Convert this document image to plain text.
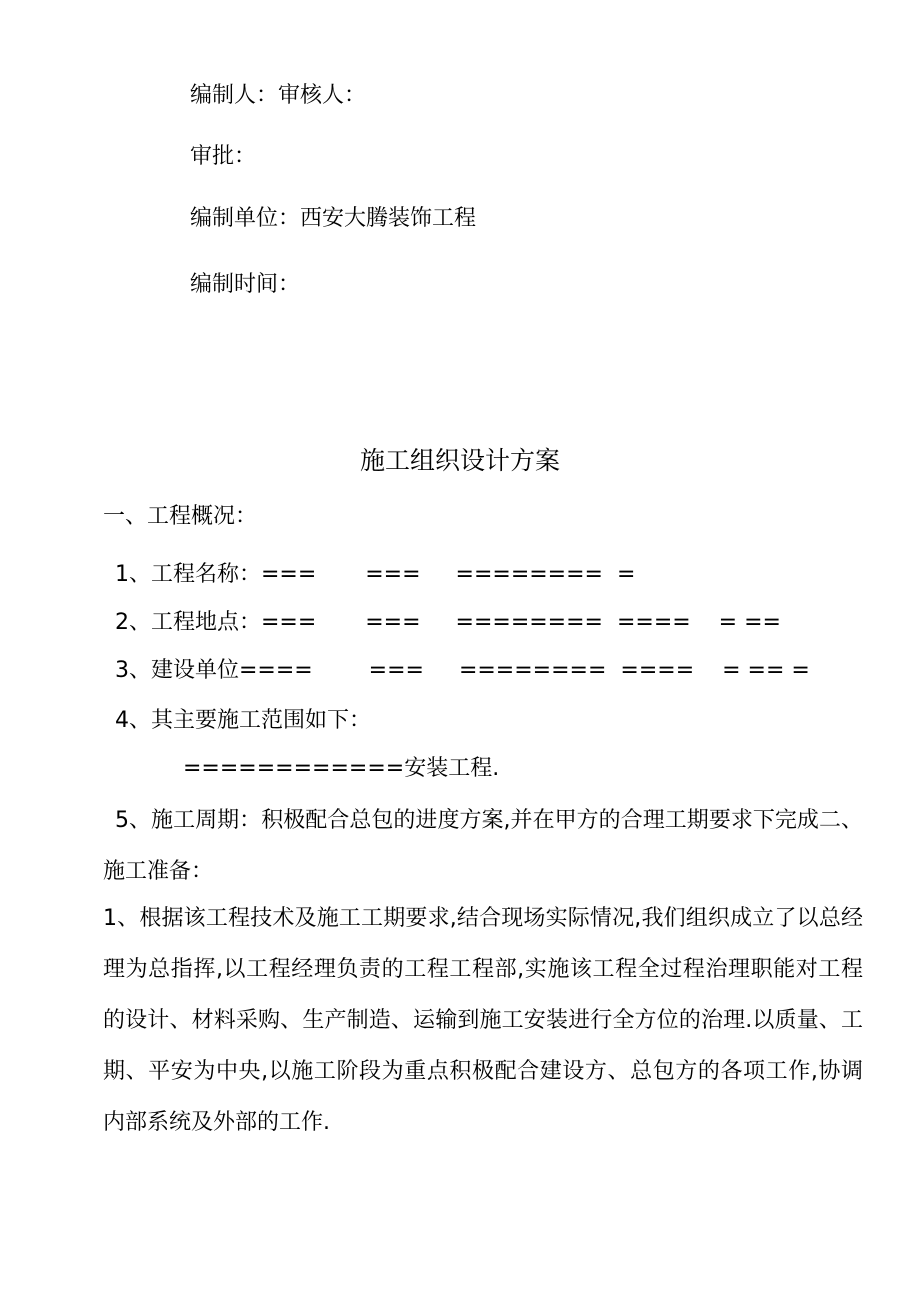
编制人：审核人：
审批：
编制单位：西安大腾装饰工程
编制时间：
施工组织设计方案
一、工程概况：
1、工程名称：===       ===     ========  =
2、工程地点：===       ===     ========  ====    = ==
3、建设单位====        ===     ========  ====    = == =
4、其主要施工范围如下：
============安装工程.
5、施工周期：积极配合总包的进度方案,并在甲方的合理工期要求下完成二、施工准备：
1、根据该工程技术及施工工期要求,结合现场实际情况,我们组织成立了以总经理为总指挥,以工程经理负责的工程工程部,实施该工程全过程治理职能对工程的设计、材料采购、生产制造、运输到施工安装进行全方位的治理.以质量、工期、平安为中央,以施工阶段为重点积极配合建设方、总包方的各项工作,协调内部系统及外部的工作.
